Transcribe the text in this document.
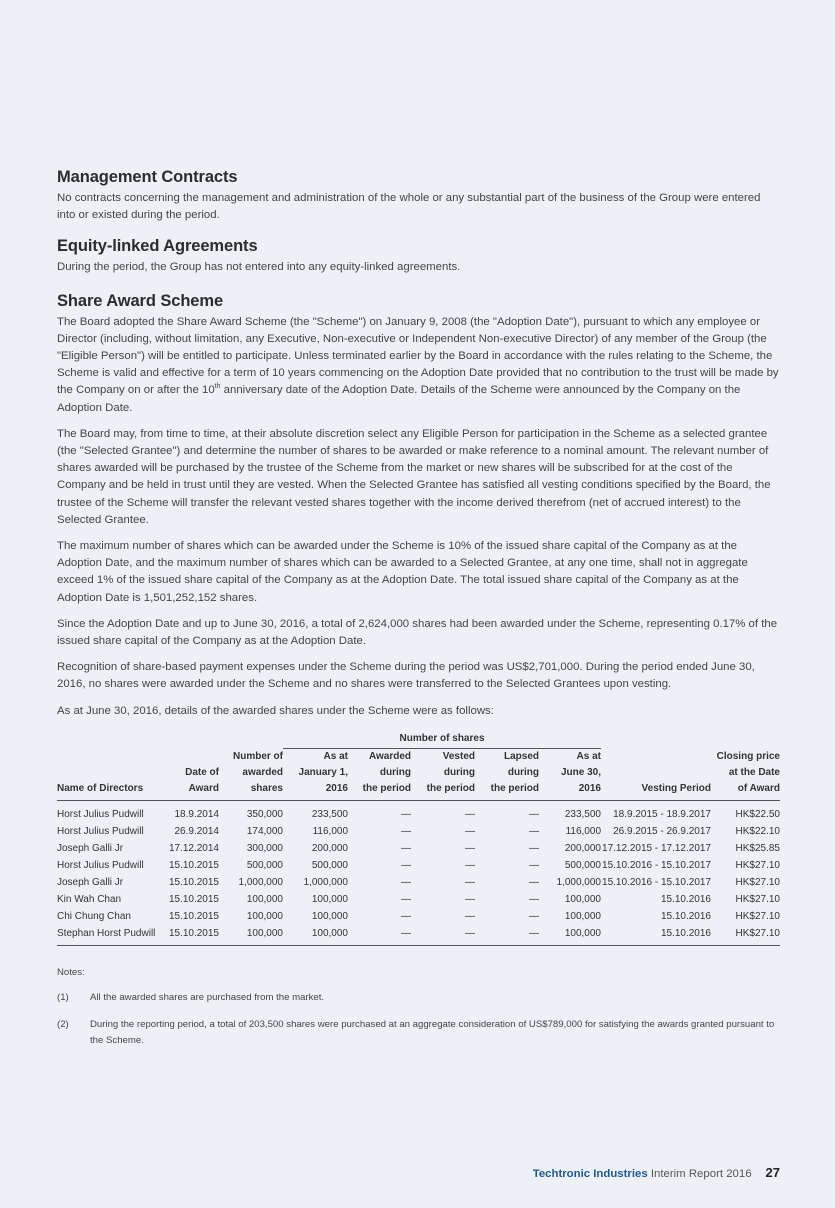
Management Contracts

No contracts concerning the management and administration of the whole or any substantial part of the business of the Group were entered into or existed during the period.

Equity-linked Agreements

During the period, the Group has not entered into any equity-linked agreements.

Share Award Scheme

The Board adopted the Share Award Scheme (the "Scheme") on January 9, 2008 (the "Adoption Date"), pursuant to which any employee or Director (including, without limitation, any Executive, Non-executive or Independent Non-executive Director) of any member of the Group (the "Eligible Person") will be entitled to participate. Unless terminated earlier by the Board in accordance with the rules relating to the Scheme, the Scheme is valid and effective for a term of 10 years commencing on the Adoption Date provided that no contribution to the trust will be made by the Company on or after the 10th anniversary date of the Adoption Date. Details of the Scheme were announced by the Company on the Adoption Date.

The Board may, from time to time, at their absolute discretion select any Eligible Person for participation in the Scheme as a selected grantee (the "Selected Grantee") and determine the number of shares to be awarded or make reference to a nominal amount. The relevant number of shares awarded will be purchased by the trustee of the Scheme from the market or new shares will be subscribed for at the cost of the Company and be held in trust until they are vested. When the Selected Grantee has satisfied all vesting conditions specified by the Board, the trustee of the Scheme will transfer the relevant vested shares together with the income derived therefrom (net of accrued interest) to the Selected Grantee.

The maximum number of shares which can be awarded under the Scheme is 10% of the issued share capital of the Company as at the Adoption Date, and the maximum number of shares which can be awarded to a Selected Grantee, at any one time, shall not in aggregate exceed 1% of the issued share capital of the Company as at the Adoption Date. The total issued share capital of the Company as at the Adoption Date is 1,501,252,152 shares.

Since the Adoption Date and up to June 30, 2016, a total of 2,624,000 shares had been awarded under the Scheme, representing 0.17% of the issued share capital of the Company as at the Adoption Date.

Recognition of share-based payment expenses under the Scheme during the period was US$2,701,000. During the period ended June 30, 2016, no shares were awarded under the Scheme and no shares were transferred to the Selected Grantees upon vesting.

As at June 30, 2016, details of the awarded shares under the Scheme were as follows:

			Number of shares						
Name of Directors	Date of Award	Number of
awarded
shares	As at
January 1,
2016	Awarded
during
the period	Vested
during
the period	Lapsed
during
the period	As at
June 30,
2016	Vesting Period	Closing price
at the Date
of Award
Horst Julius Pudwill	18.9.2014	350,000	233,500	—	—	—	233,500	18.9.2015 - 18.9.2017	HK$22.50
Horst Julius Pudwill	26.9.2014	174,000	116,000	—	—	—	116,000	26.9.2015 - 26.9.2017	HK$22.10
Joseph Galli Jr	17.12.2014	300,000	200,000	—	—	—	200,000	17.12.2015 - 17.12.2017	HK$25.85
Horst Julius Pudwill	15.10.2015	500,000	500,000	—	—	—	500,000	15.10.2016 - 15.10.2017	HK$27.10
Joseph Galli Jr	15.10.2015	1,000,000	1,000,000	—	—	—	1,000,000	15.10.2016 - 15.10.2017	HK$27.10
Kin Wah Chan	15.10.2015	100,000	100,000	—	—	—	100,000	15.10.2016	HK$27.10
Chi Chung Chan	15.10.2015	100,000	100,000	—	—	—	100,000	15.10.2016	HK$27.10
Stephan Horst Pudwill	15.10.2015	100,000	100,000	—	—	—	100,000	15.10.2016	HK$27.10
Notes:
(1)	All the awarded shares are purchased from the market.
(2)	During the reporting period, a total of 203,500 shares were purchased at an aggregate consideration of US$789,000 for satisfying the awards granted pursuant to the Scheme.
Techtronic Industries
Interim Report 2016 27
